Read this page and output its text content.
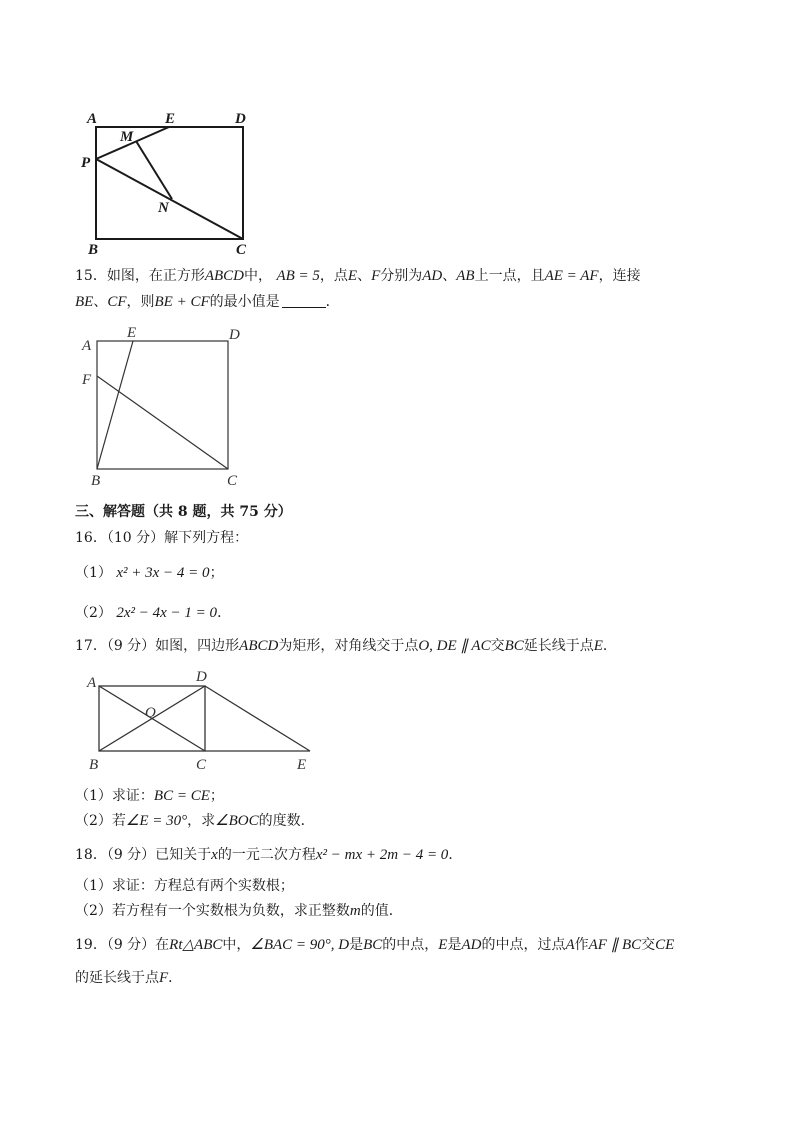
A	E	D
M
P
N
B	C
15．如图，在正方形ABCD中， AB = 5，点E、F分别为AD、AB上一点，且AE = AF，连接
BE、CF，则BE + CF的最小值是	．
A
E	D
F
B	C
三、解答题（共 8 题，共 75 分）
16．（10 分）解下列方程：
（1） x² + 3x − 4 = 0；
（2） 2x² − 4x − 1 = 0．
17．（9 分）如图，四边形ABCD为矩形，对角线交于点O, DE ∥ AC交BC延长线于点E．
A	D
O
B	C	E
（1）求证：BC = CE；
（2）若∠E = 30°，求∠BOC的度数．
18．（9 分）已知关于x的一元二次方程x² − mx + 2m − 4 = 0．
（1）求证：方程总有两个实数根；
（2）若方程有一个实数根为负数，求正整数m的值．
19．（9 分）在Rt△ABC中，∠BAC = 90°, D是BC的中点，E是AD的中点，过点A作AF ∥ BC交CE
的延长线于点F．
